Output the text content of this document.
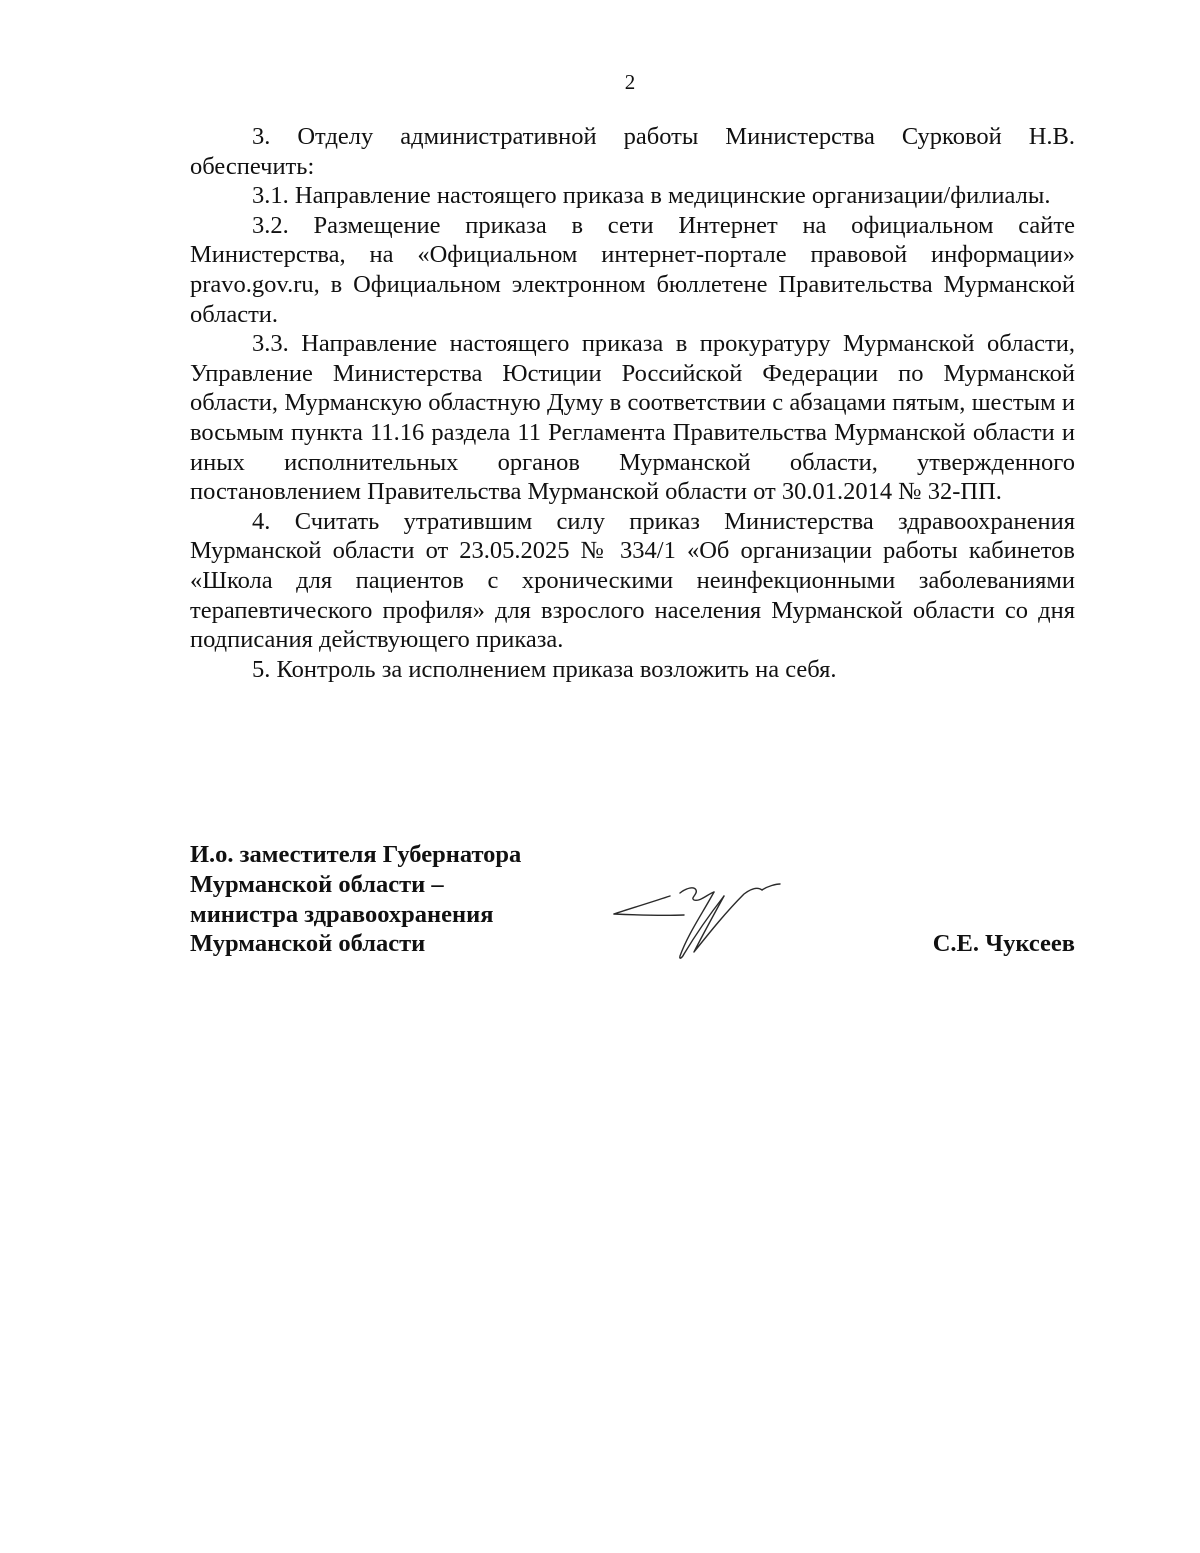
2

3. Отделу административной работы Министерства Сурковой Н.В. обеспечить:

3.1. Направление настоящего приказа в медицинские организации/филиалы.

3.2. Размещение приказа в сети Интернет на официальном сайте Министерства, на «Официальном интернет-портале правовой информации» pravo.gov.ru, в Официальном электронном бюллетене Правительства Мурманской области.

3.3. Направление настоящего приказа в прокуратуру Мурманской области, Управление Министерства Юстиции Российской Федерации по Мурманской области, Мурманскую областную Думу в соответствии с абзацами пятым, шестым и восьмым пункта 11.16 раздела 11 Регламента Правительства Мурманской области и иных исполнительных органов Мурманской области, утвержденного постановлением Правительства Мурманской области от 30.01.2014 № 32-ПП.

4. Считать утратившим силу приказ Министерства здравоохранения Мурманской области от 23.05.2025 № 334/1 «Об организации работы кабинетов «Школа для пациентов с хроническими неинфекционными заболеваниями терапевтического профиля» для взрослого населения Мурманской области со дня подписания действующего приказа.

5. Контроль за исполнением приказа возложить на себя.

И.о. заместителя Губернатора
Мурманской области –
министра здравоохранения
Мурманской области	С.Е. Чуксеев
